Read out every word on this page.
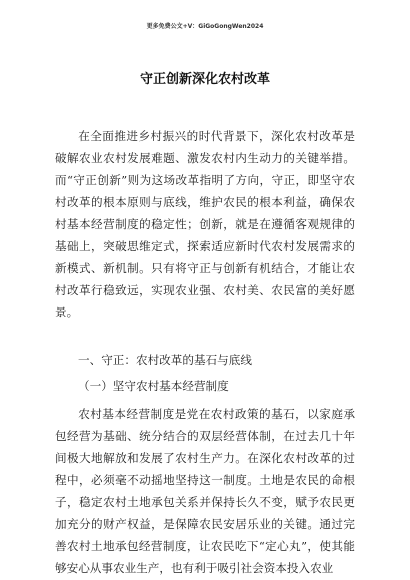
更多免费公文+V：GiGoGongWen2024
守正创新深化农村改革

在全面推进乡村振兴的时代背景下，深化农村改革是破解农业农村发展难题、激发农村内生动力的关键举措。而“守正创新”则为这场改革指明了方向，守正，即坚守农村改革的根本原则与底线，维护农民的根本利益，确保农村基本经营制度的稳定性；创新，就是在遵循客观规律的基础上，突破思维定式，探索适应新时代农村发展需求的新模式、新机制。只有将守正与创新有机结合，才能让农村改革行稳致远，实现农业强、农村美、农民富的美好愿景。

一、守正：农村改革的基石与底线
（一）坚守农村基本经营制度

农村基本经营制度是党在农村政策的基石，以家庭承包经营为基础、统分结合的双层经营体制，在过去几十年间极大地解放和发展了农村生产力。在深化农村改革的过程中，必须毫不动摇地坚持这一制度。土地是农民的命根子，稳定农村土地承包关系并保持长久不变，赋予农民更加充分的财产权益，是保障农民安居乐业的关键。通过完善农村土地承包经营制度，让农民吃下“定心丸”，使其能够安心从事农业生产，也有利于吸引社会资本投入农业
